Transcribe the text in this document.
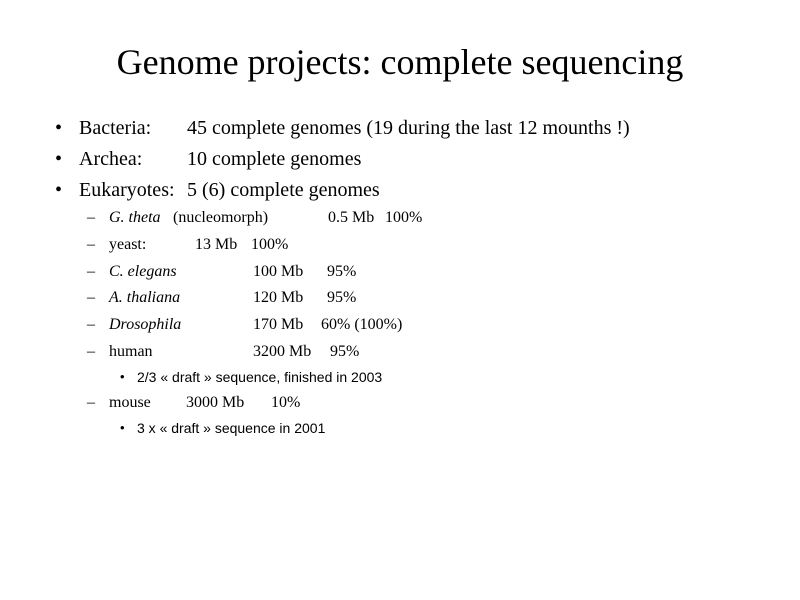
Genome projects: complete sequencing
• Bacteria: 45 complete genomes (19 during the last 12 mounths !)
• Archea: 10 complete genomes
• Eukaryotes: 5 (6) complete genomes
– G. theta (nucleomorph)	0.5 Mb 100%
– yeast:	13 Mb 100%
– C. elegans	100 Mb 95%
– A. thaliana	120 Mb 95%
– Drosophila	170 Mb 60% (100%)
– human	3200 Mb 95%
• 2/3 « draft » sequence, finished in 2003
– mouse 3000 Mb 10%
• 3 x « draft » sequence in 2001
